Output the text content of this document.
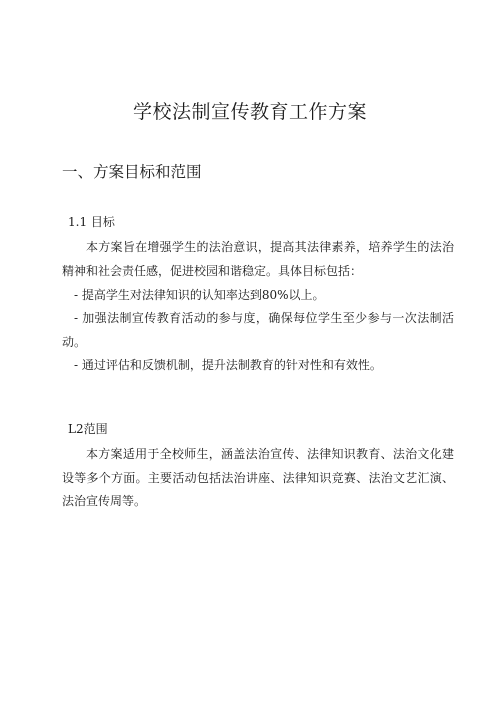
学校法制宣传教育工作方案
一、方案目标和范围
1.1 目标

本方案旨在增强学生的法治意识，提高其法律素养，培养学生的法治精神和社会责任感，促进校园和谐稳定。具体目标包括：

- 提高学生对法律知识的认知率达到80%以上。

- 加强法制宣传教育活动的参与度，确保每位学生至少参与一次法制活动。

- 通过评估和反馈机制，提升法制教育的针对性和有效性。

L2范围

本方案适用于全校师生，涵盖法治宣传、法律知识教育、法治文化建设等多个方面。主要活动包括法治讲座、法律知识竞赛、法治文艺汇演、法治宣传周等。
